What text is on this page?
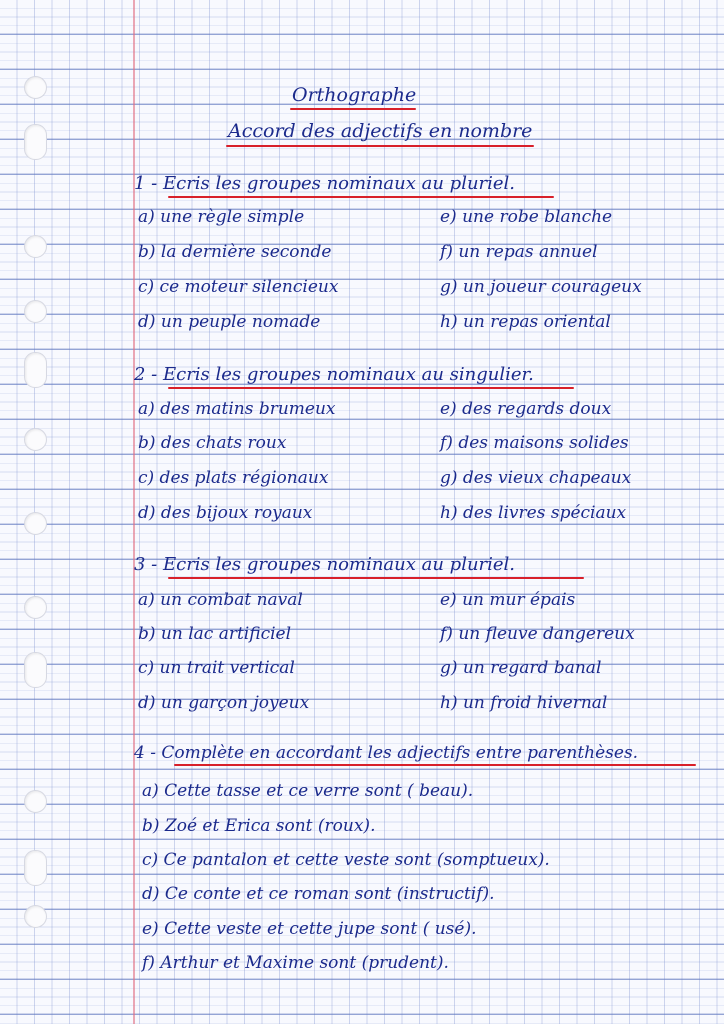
Orthographe
Accord des adjectifs en nombre
1 - Ecris les groupes nominaux au pluriel.
a) une règle simple
b) la dernière seconde
c) ce moteur silencieux
d) un peuple nomade
e) une robe blanche
f) un repas annuel
g) un joueur courageux
h) un repas oriental
2 - Ecris les groupes nominaux au singulier.
a) des matins brumeux
b) des chats roux
c) des plats régionaux
d) des bijoux royaux
e) des regards doux
f) des maisons solides
g) des vieux chapeaux
h) des livres spéciaux
3 - Ecris les groupes nominaux au pluriel.
a) un combat naval
b) un lac artificiel
c) un trait vertical
d) un garçon joyeux
e) un mur épais
f) un fleuve dangereux
g) un regard banal
h) un froid hivernal
4 - Complète en accordant les adjectifs entre parenthèses.
a) Cette tasse et ce verre sont ( beau).
b) Zoé et Erica sont (roux).
c) Ce pantalon et cette veste sont (somptueux).
d) Ce conte et ce roman sont (instructif).
e) Cette veste et cette jupe sont ( usé).
f) Arthur et Maxime sont (prudent).
